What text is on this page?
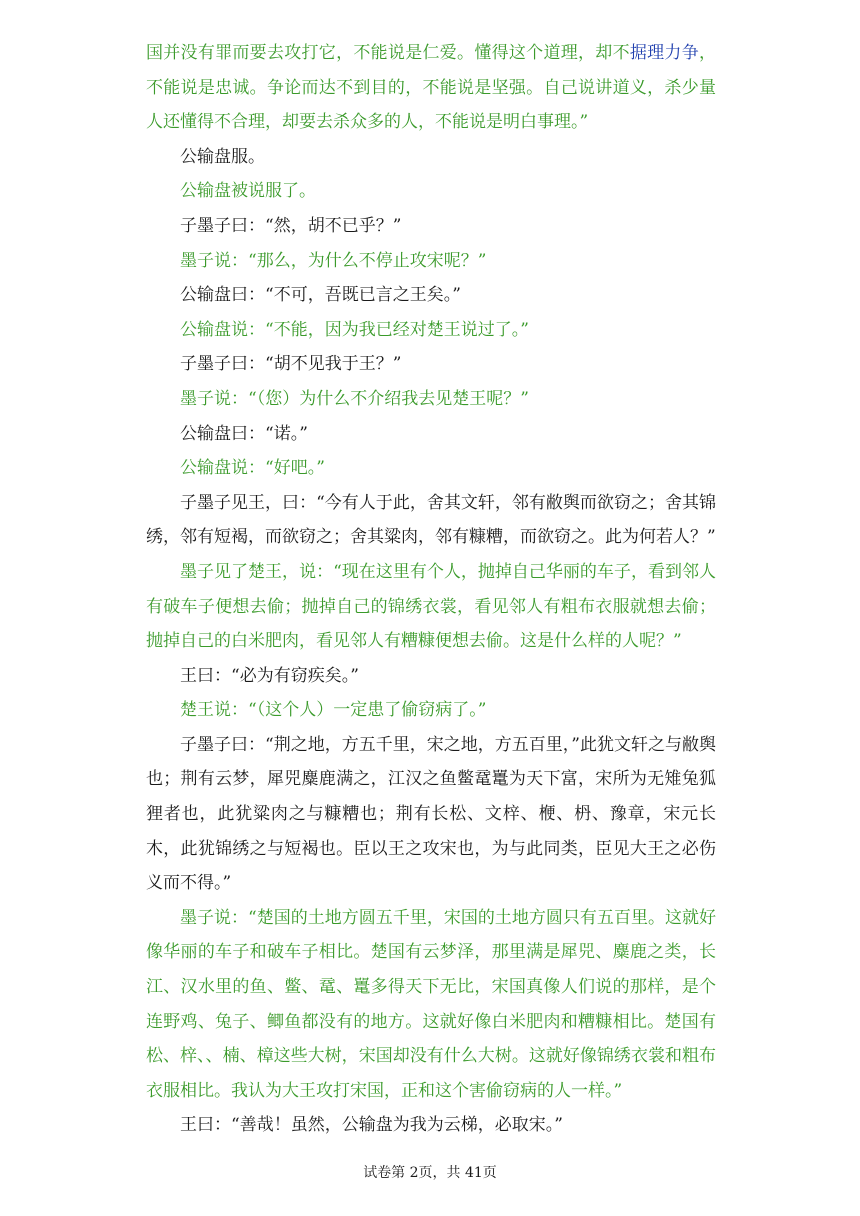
国并没有罪而要去攻打它，不能说是仁爱。懂得这个道理，却不据理力争，不能说是忠诚。争论而达不到目的，不能说是坚强。自己说讲道义，杀少量人还懂得不合理，却要去杀众多的人，不能说是明白事理。”

公输盘服。

公输盘被说服了。

子墨子曰：“然，胡不已乎？”

墨子说：“那么，为什么不停止攻宋呢？”

公输盘曰：“不可，吾既已言之王矣。”

公输盘说：“不能，因为我已经对楚王说过了。”

子墨子曰：“胡不见我于王？”

墨子说：“（您）为什么不介绍我去见楚王呢？”

公输盘曰：“诺。”

公输盘说：“好吧。”

子墨子见王，曰：“今有人于此，舍其文轩，邻有敝舆而欲窃之；舍其锦绣，邻有短褐，而欲窃之；舍其粱肉，邻有糠糟，而欲窃之。此为何若人？”

墨子见了楚王，说：“现在这里有个人，抛掉自己华丽的车子，看到邻人有破车子便想去偷；抛掉自己的锦绣衣裳，看见邻人有粗布衣服就想去偷；抛掉自己的白米肥肉，看见邻人有糟糠便想去偷。这是什么样的人呢？”

王曰：“必为有窃疾矣。”

楚王说：“（这个人）一定患了偷窃病了。”

子墨子曰：“荆之地，方五千里，宋之地，方五百里，”此犹文轩之与敝舆也；荆有云梦，犀兕麋鹿满之，江汉之鱼鳖鼋鼍为天下富，宋所为无雉兔狐狸者也，此犹粱肉之与糠糟也；荆有长松、文梓、楩、枬、豫章，宋元长木，此犹锦绣之与短褐也。臣以王之攻宋也，为与此同类，臣见大王之必伤义而不得。”

墨子说：“楚国的土地方圆五千里，宋国的土地方圆只有五百里。这就好像华丽的车子和破车子相比。楚国有云梦泽，那里满是犀兕、麋鹿之类，长江、汉水里的鱼、鳖、鼋、鼍多得天下无比，宋国真像人们说的那样，是个连野鸡、兔子、鲫鱼都没有的地方。这就好像白米肥肉和糟糠相比。楚国有松、梓、、楠、樟这些大树，宋国却没有什么大树。这就好像锦绣衣裳和粗布衣服相比。我认为大王攻打宋国，正和这个害偷窃病的人一样。”

王曰：“善哉！虽然，公输盘为我为云梯，必取宋。”

试卷第 2页，共 41页
